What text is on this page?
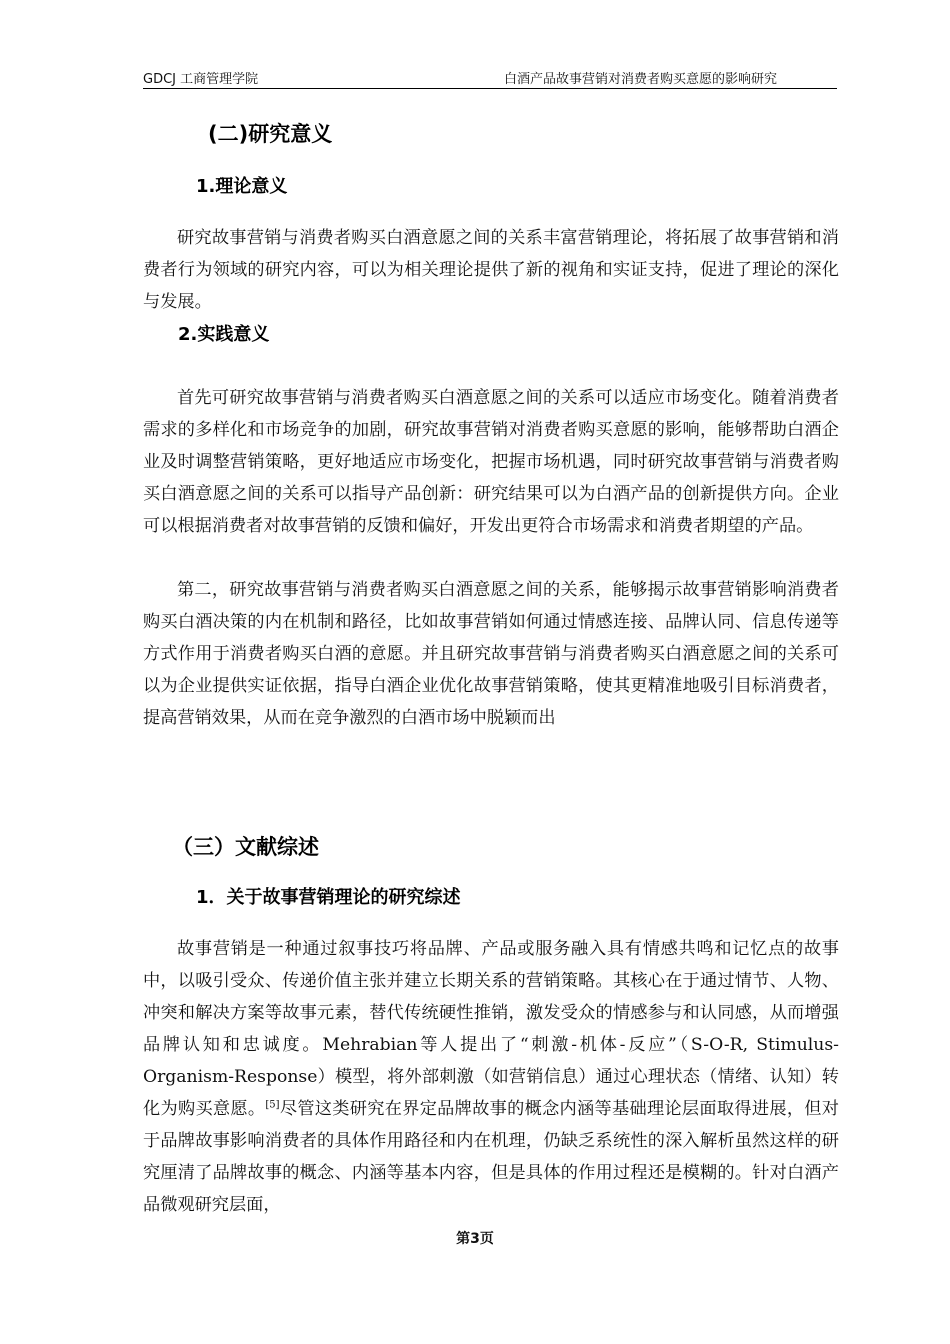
GDCJ 工商管理学院	白酒产品故事营销对消费者购买意愿的影响研究
(二)研究意义
1.理论意义

研究故事营销与消费者购买白酒意愿之间的关系丰富营销理论，将拓展了故事营销和消费者行为领域的研究内容，可以为相关理论提供了新的视角和实证支持，促进了理论的深化与发展。

2.实践意义

首先可研究故事营销与消费者购买白酒意愿之间的关系可以适应市场变化。随着消费者需求的多样化和市场竞争的加剧，研究故事营销对消费者购买意愿的影响，能够帮助白酒企业及时调整营销策略，更好地适应市场变化，把握市场机遇，同时研究故事营销与消费者购买白酒意愿之间的关系可以指导产品创新：研究结果可以为白酒产品的创新提供方向。企业可以根据消费者对故事营销的反馈和偏好，开发出更符合市场需求和消费者期望的产品。

第二，研究故事营销与消费者购买白酒意愿之间的关系，能够揭示故事营销影响消费者购买白酒决策的内在机制和路径，比如故事营销如何通过情感连接、品牌认同、信息传递等方式作用于消费者购买白酒的意愿。并且研究故事营销与消费者购买白酒意愿之间的关系可以为企业提供实证依据，指导白酒企业优化故事营销策略，使其更精准地吸引目标消费者，提高营销效果，从而在竞争激烈的白酒市场中脱颖而出

（三）文献综述
1．关于故事营销理论的研究综述

故事营销是一种通过叙事技巧将品牌、产品或服务融入具有情感共鸣和记忆点的故事中，以吸引受众、传递价值主张并建立长期关系的营销策略。其核心在于通过情节、人物、冲突和解决方案等故事元素，替代传统硬性推销，激发受众的情感参与和认同感，从而增强品牌认知和忠诚度。Mehrabian等人提出了“刺激-机体-反应”（S-O-R, Stimulus-Organism-Response）模型，将外部刺激（如营销信息）通过心理状态（情绪、认知）转化为购买意愿。[5]尽管这类研究在界定品牌故事的概念内涵等基础理论层面取得进展，但对于品牌故事影响消费者的具体作用路径和内在机理，仍缺乏系统性的深入解析虽然这样的研究厘清了品牌故事的概念、内涵等基本内容，但是具体的作用过程还是模糊的。针对白酒产品微观研究层面，

第3页
